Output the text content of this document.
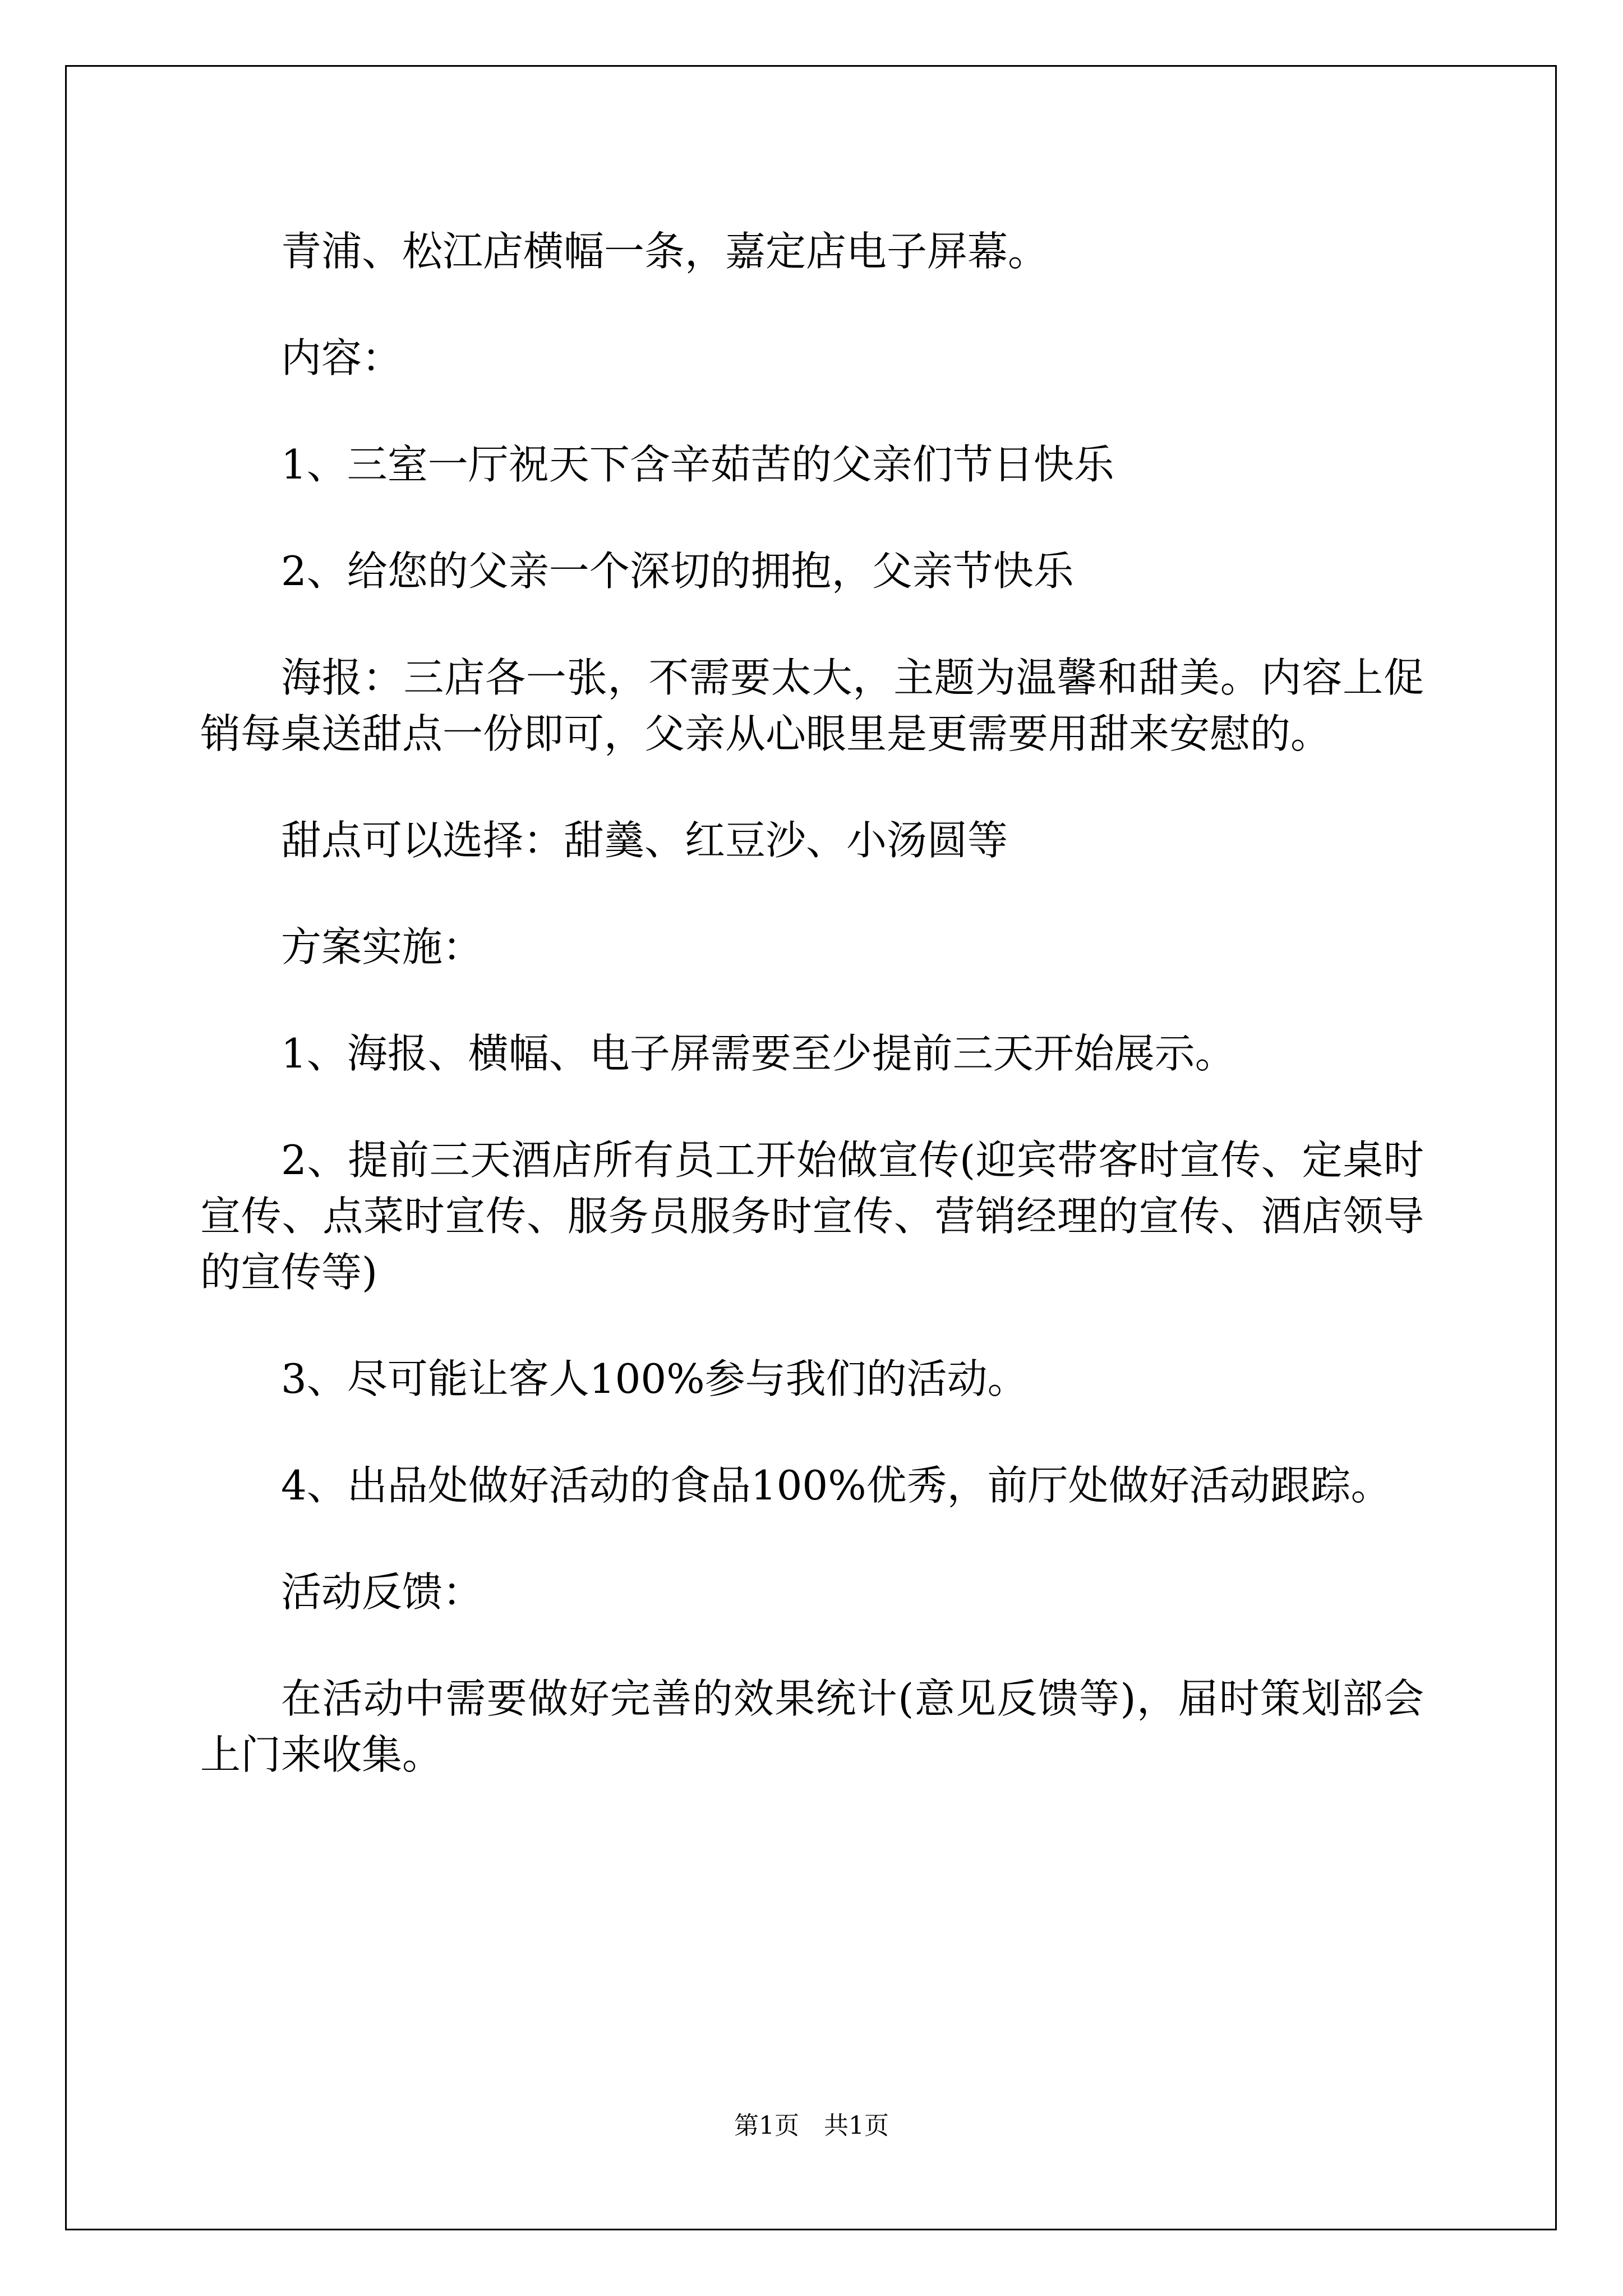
青浦、松江店横幅一条，嘉定店电子屏幕。

内容：

1、三室一厅祝天下含辛茹苦的父亲们节日快乐

2、给您的父亲一个深切的拥抱，父亲节快乐

海报：三店各一张，不需要太大，主题为温馨和甜美。内容上促销每桌送甜点一份即可，父亲从心眼里是更需要用甜来安慰的。

甜点可以选择：甜羹、红豆沙、小汤圆等

方案实施：

1、海报、横幅、电子屏需要至少提前三天开始展示。

2、提前三天酒店所有员工开始做宣传(迎宾带客时宣传、定桌时宣传、点菜时宣传、服务员服务时宣传、营销经理的宣传、酒店领导的宣传等)

3、尽可能让客人100%参与我们的活动。

4、出品处做好活动的食品100%优秀，前厅处做好活动跟踪。

活动反馈：

在活动中需要做好完善的效果统计(意见反馈等)，届时策划部会上门来收集。

第1页 共1页
